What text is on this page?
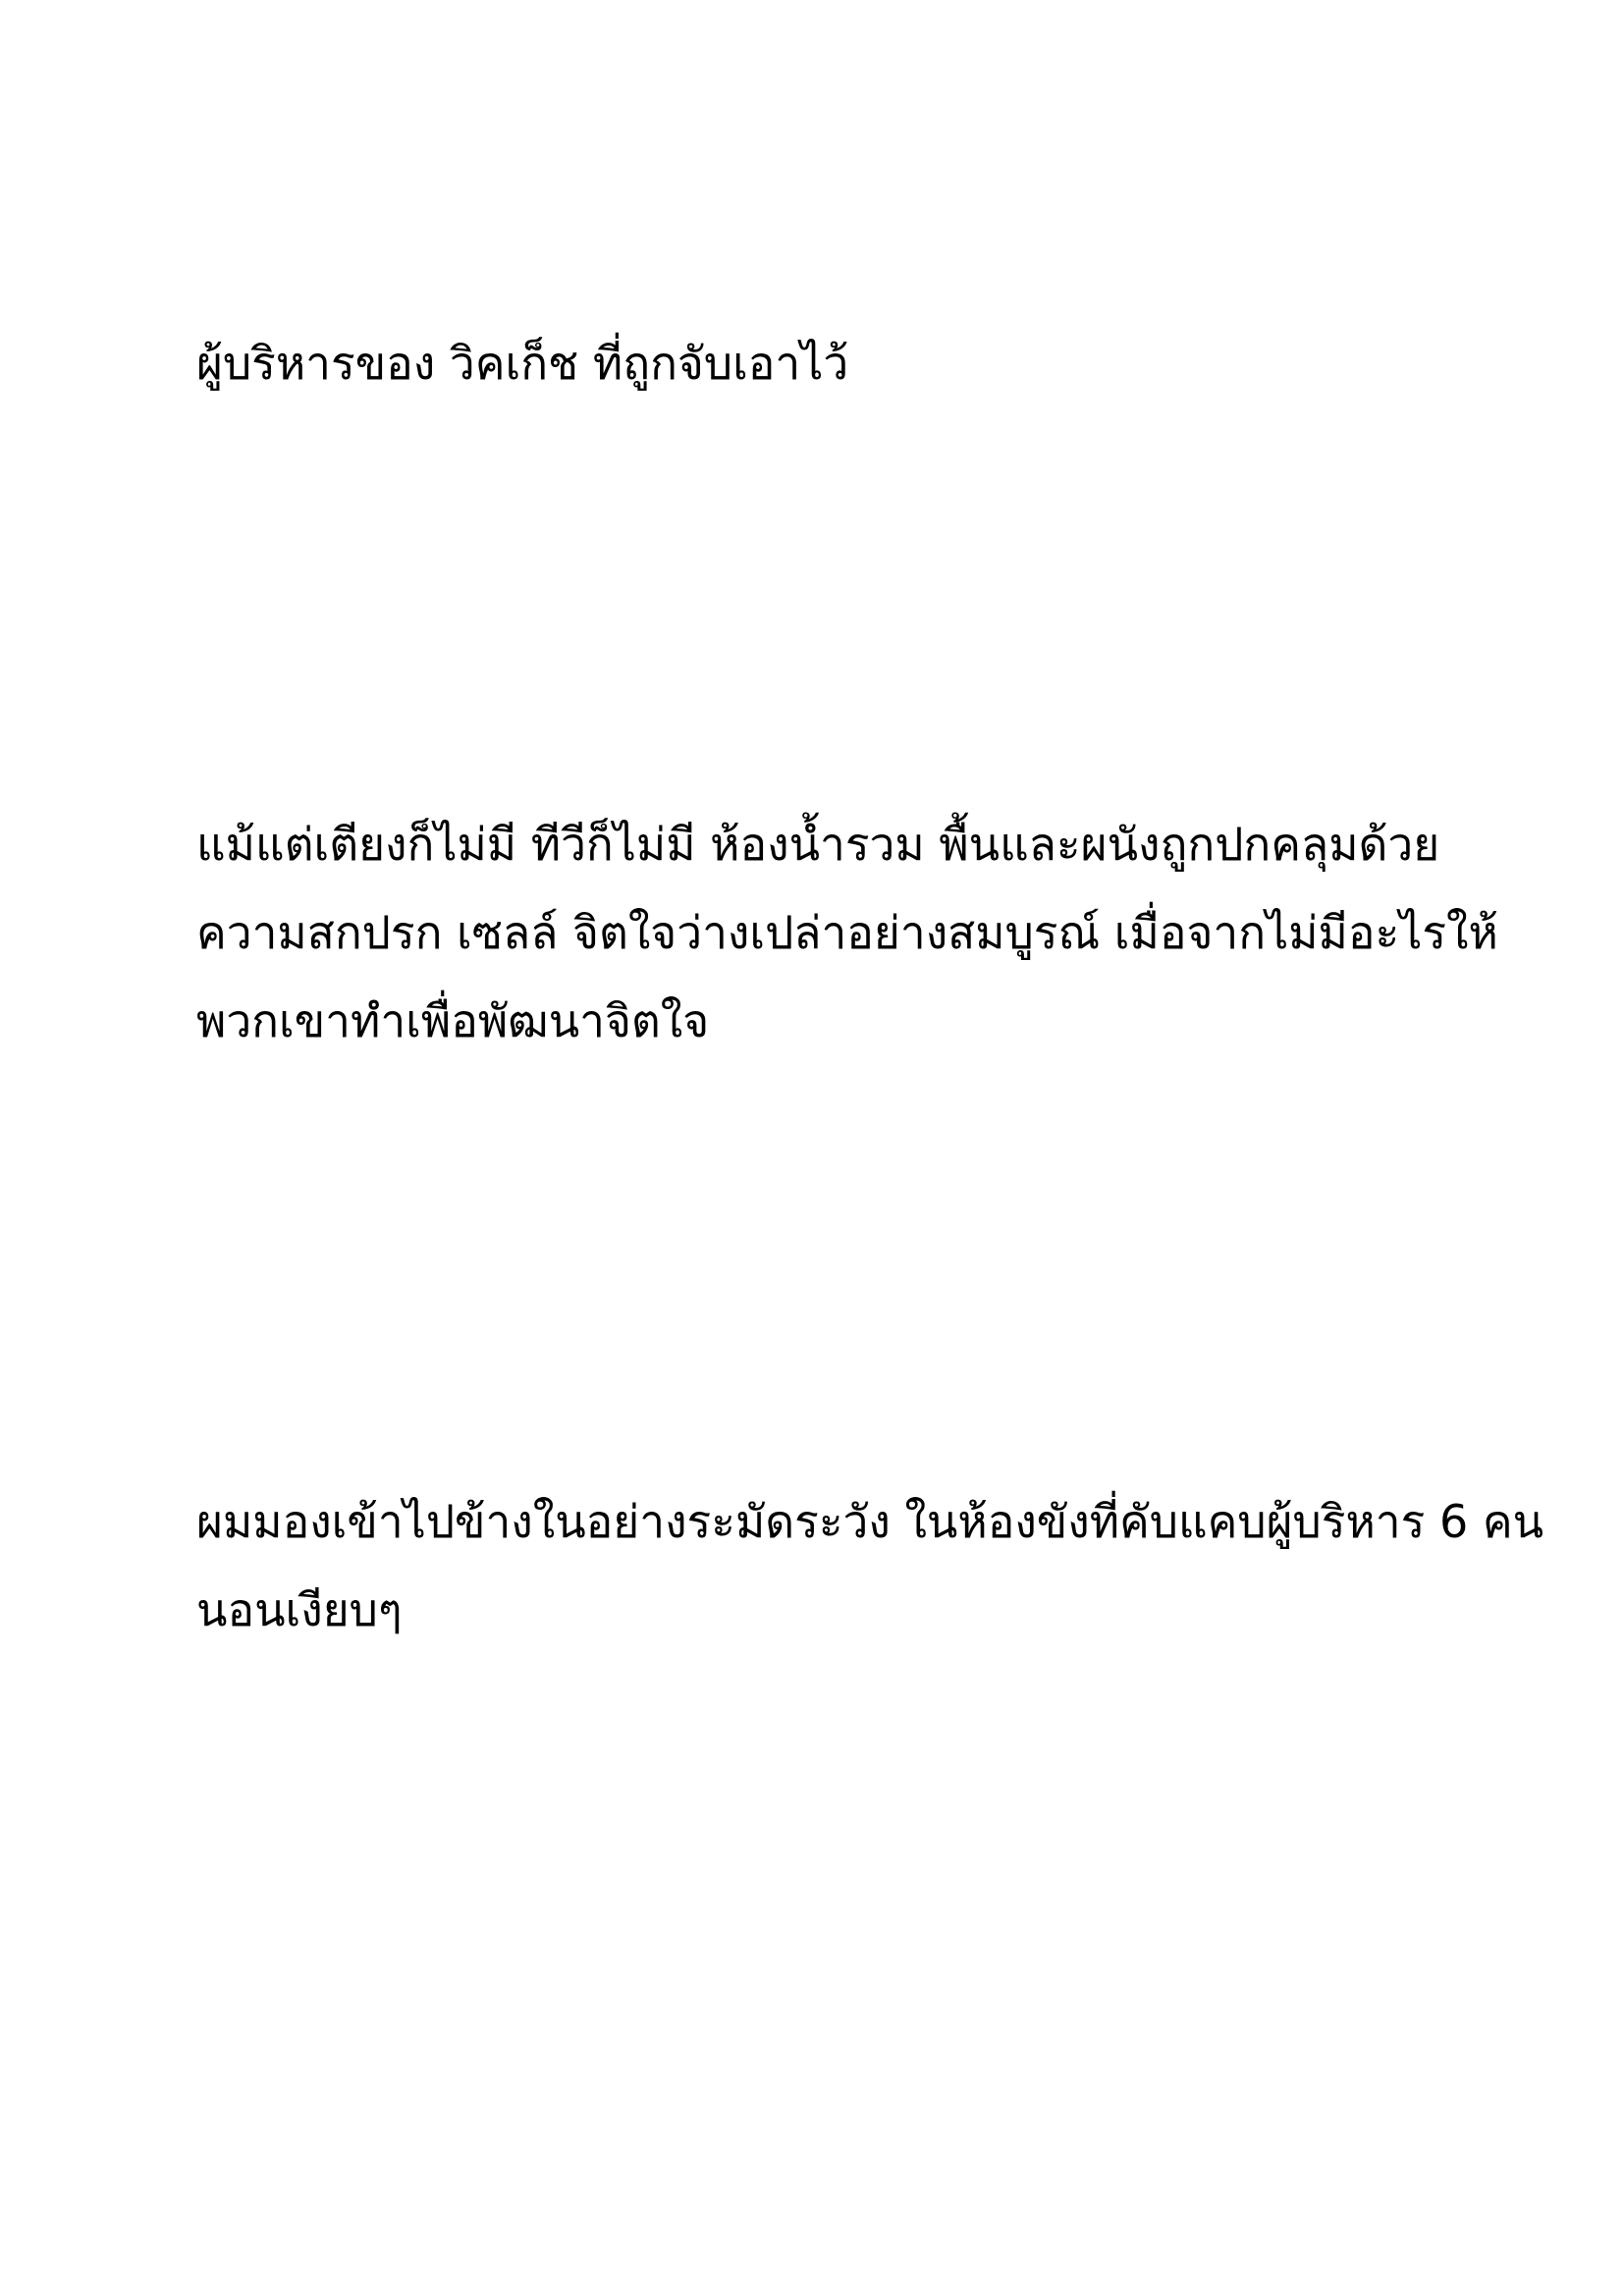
ผู้บริหารของ วิคเก็ช ที่ถูกจับเอาไว้

แม้แต่เตียงก็ไม่มี ทีวีก็ไม่มี ห้องน้ำรวม พื้นและผนังถูกปกคลุมด้วย
ความสกปรก เซลล์ จิตใจว่างเปล่าอย่างสมบูรณ์ เมื่อจากไม่มีอะไรให้
พวกเขาทำเพื่อพัฒนาจิตใจ

ผมมองเข้าไปข้างในอย่างระมัดระวัง ในห้องขังที่คับแคบผู้บริหาร 6 คน
นอนเงียบๆ
